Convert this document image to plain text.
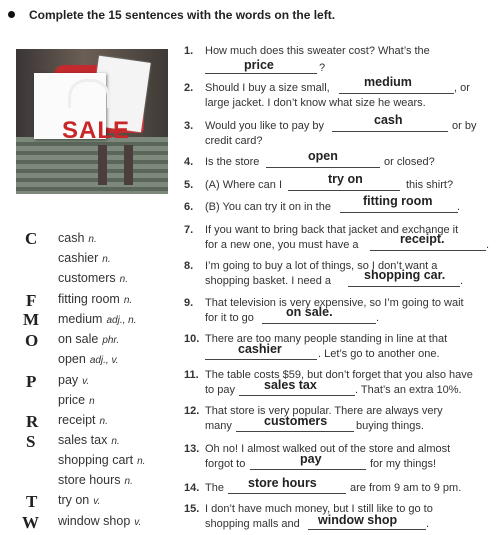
Complete the 15 sentences with the words on the left.
SALE
C
F
M
O
P
R
S
T
W
cash n.
cashier n.
customers n.
fitting room n.
medium adj., n.
on sale phr.
open adj., v.
pay v.
price n
receipt n.
sales tax n.
shopping cart n.
store hours n.
try on v.
window shop v.
1. How much does this sweater cost? What’s the
price	?
2. Should I buy a size small,	medium	, or
large jacket. I don’t know what size he wears.
3. Would you like to pay by	cash	or by
credit card?
4. Is the store	open	or closed?
5. (A) Where can I	try on	this shirt?
6. (B) You can try it on in the	fitting room .
7. If you want to bring back that jacket and exchange it
for a new one, you must have a	receipt.	.
8. I’m going to buy a lot of things, so I don’t want a
shopping basket. I need a	shopping car. .
9. That television is very expensive, so I’m going to wait
for it to go	on sale.	.
10. There are too many people standing in line at that
cashier	. Let’s go to another one.
11. The table costs $59, but don’t forget that you also have
to pay sales tax	. That’s an extra 10%.
12. That store is very popular. There are always very
many	customers	buying things.
13. Oh no! I almost walked out of the store and almost
forgot to	pay	for my things!
14. The store hours	are from 9 am to 9 pm.
15. I don’t have much money, but I still like to go to
shopping malls and window shop	.
